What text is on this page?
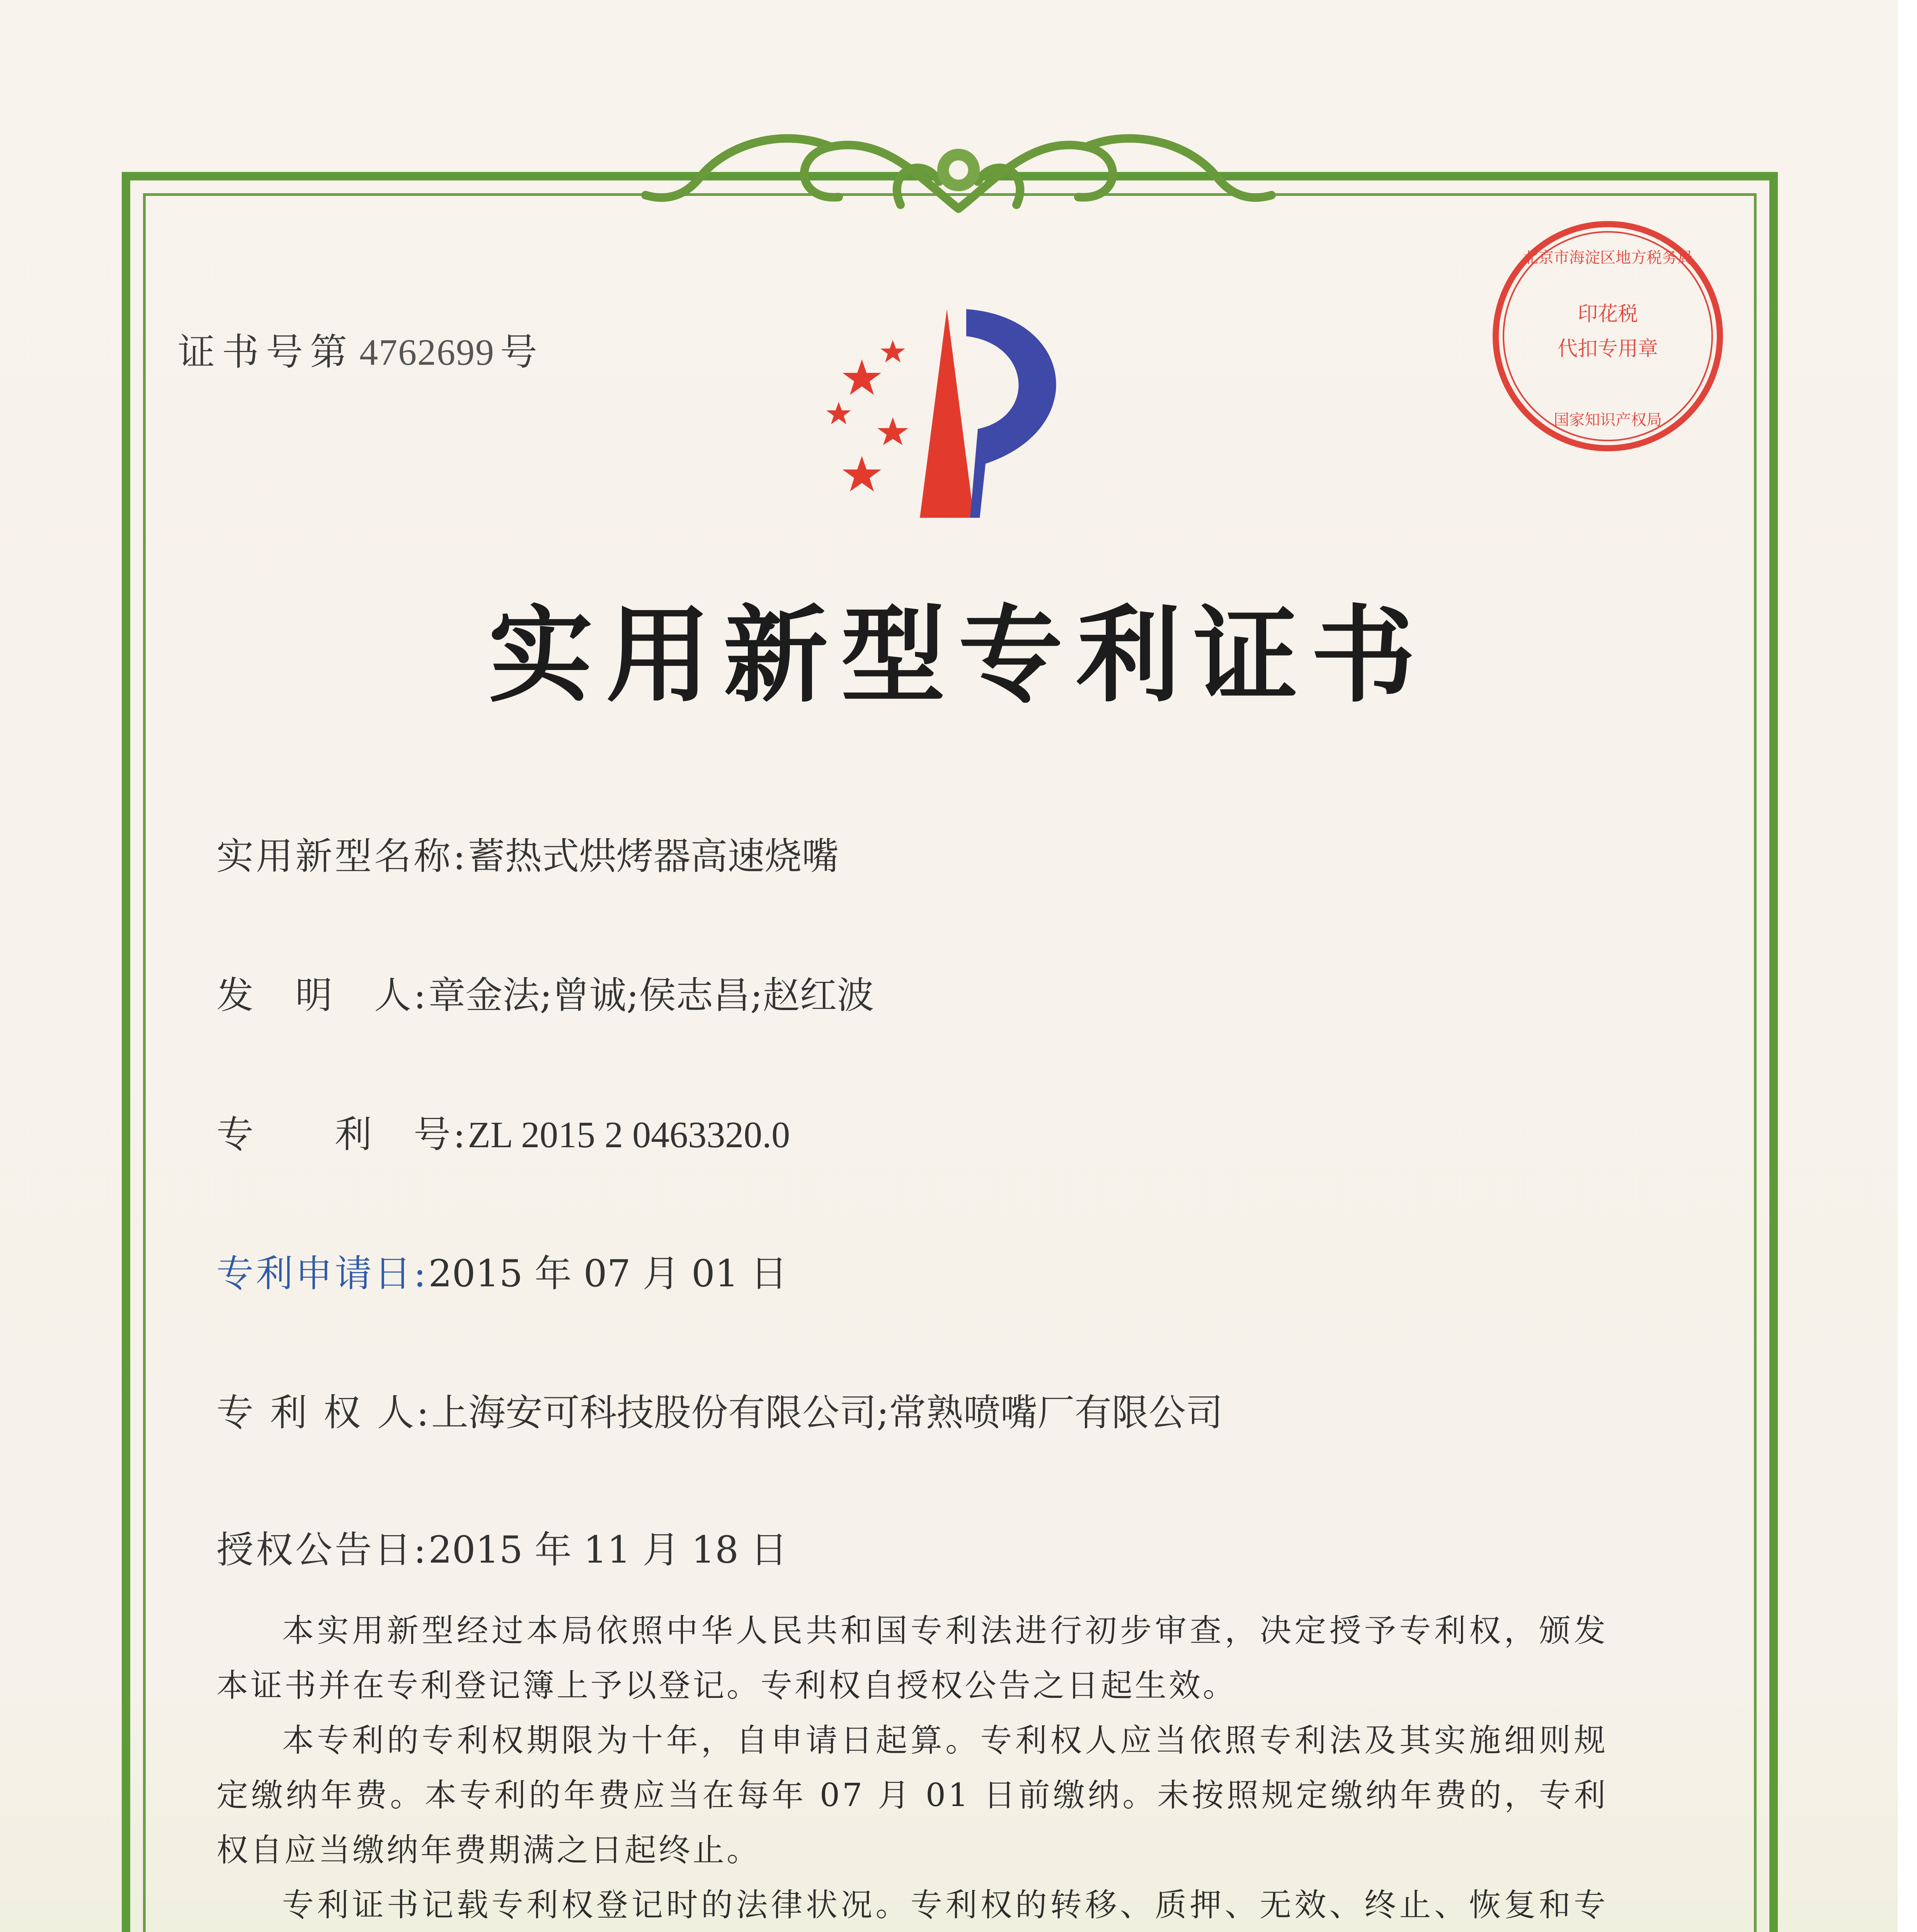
证书号第 4762699 号
印花税
代扣专用章
北京市海淀区地方税务局
国家知识产权局
实用新型专利证书
实用新型名称:蓄热式烘烤器高速烧嘴
发　明　人:章金法;曾诚;侯志昌;赵红波
专　　利　号:ZL 2015 2 0463320.0
专利申请日:2015 年 07 月 01 日
专 利 权 人:上海安可科技股份有限公司;常熟喷嘴厂有限公司
授权公告日:2015 年 11 月 18 日

本实用新型经过本局依照中华人民共和国专利法进行初步审查，决定授予专利权，颁发本证书并在专利登记簿上予以登记。专利权自授权公告之日起生效。

本专利的专利权期限为十年，自申请日起算。专利权人应当依照专利法及其实施细则规定缴纳年费。本专利的年费应当在每年 07 月 01 日前缴纳。未按照规定缴纳年费的，专利权自应当缴纳年费期满之日起终止。

专利证书记载专利权登记时的法律状况。专利权的转移、质押、无效、终止、恢复和专
